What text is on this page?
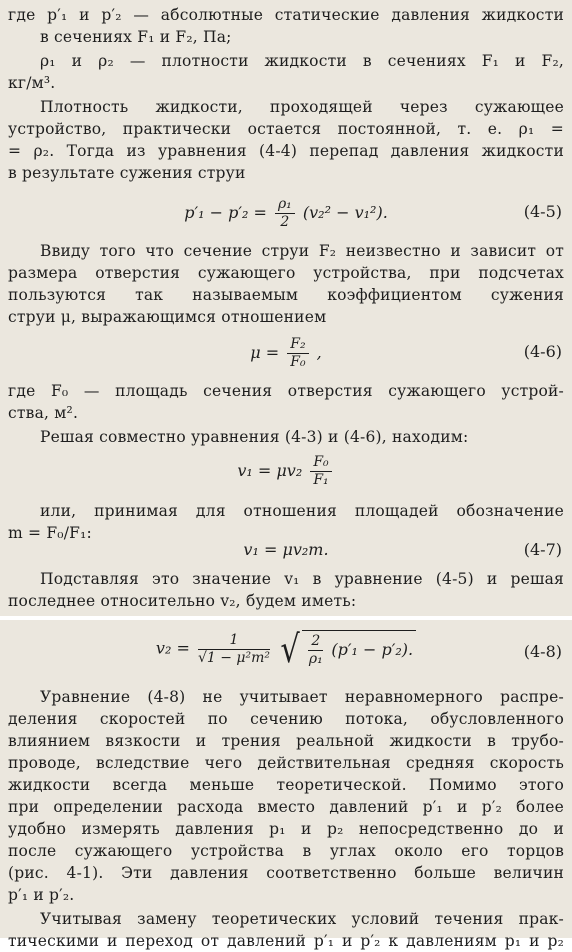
где p′₁ и p′₂ — абсолютные статические давления жидкости
в сечениях F₁ и F₂, Па;
ρ₁ и ρ₂ — плотности жидкости в сечениях F₁ и F₂,
кг/м³.
Плотность жидкости, проходящей через сужающее
устройство, практически остается постоянной, т. е. ρ₁ =
= ρ₂. Тогда из уравнения (4-4) перепад давления жидкости
в результате сужения струи
$p'_1 - p'_2 = \frac{\text{ρ₁}}{2} (v_2^2 - v_1^2)$.	(4-5)
Ввиду того что сечение струи F₂ неизвестно и зависит от
размера отверстия сужающего устройства, при подсчетах
пользуются так называемым коэффициентом сужения
струи μ, выражающимся отношением
$\mu = \frac{\text{F₂}}{\text{F₀}}$ ,	(4-6)
где F₀ — площадь сечения отверстия сужающего устрой-
ства, м².
Решая совместно уравнения (4-3) и (4-6), находим:
$v_1 = \mu v_2 \frac{\text{F₀}}{\text{F₁}}$
или, принимая для отношения площадей обозначение
m = F₀/F₁:
v₁ = μv₂m.	(4-7)
Подставляя это значение v₁ в уравнение (4-5) и решая
последнее относительно v₂, будем иметь:
$v_2 = \frac{1}{\text{√1 − μ²m²}}$ √ $\frac{2}{\text{ρ₁}} (p'_1 - p'_2)$.	(4-8)
Уравнение (4-8) не учитывает неравномерного распре-
деления скоростей по сечению потока, обусловленного
влиянием вязкости и трения реальной жидкости в трубо-
проводе, вследствие чего действительная средняя скорость
жидкости всегда меньше теоретической. Помимо этого
при определении расхода вместо давлений p′₁ и p′₂ более
удобно измерять давления p₁ и p₂ непосредственно до и
после сужающего устройства в углах около его торцов
(рис. 4-1). Эти давления соответственно больше величин
p′₁ и p′₂.
Учитывая замену теоретических условий течения прак-
тическими и переход от давлений p′₁ и p′₂ к давлениям p₁ и p₂
